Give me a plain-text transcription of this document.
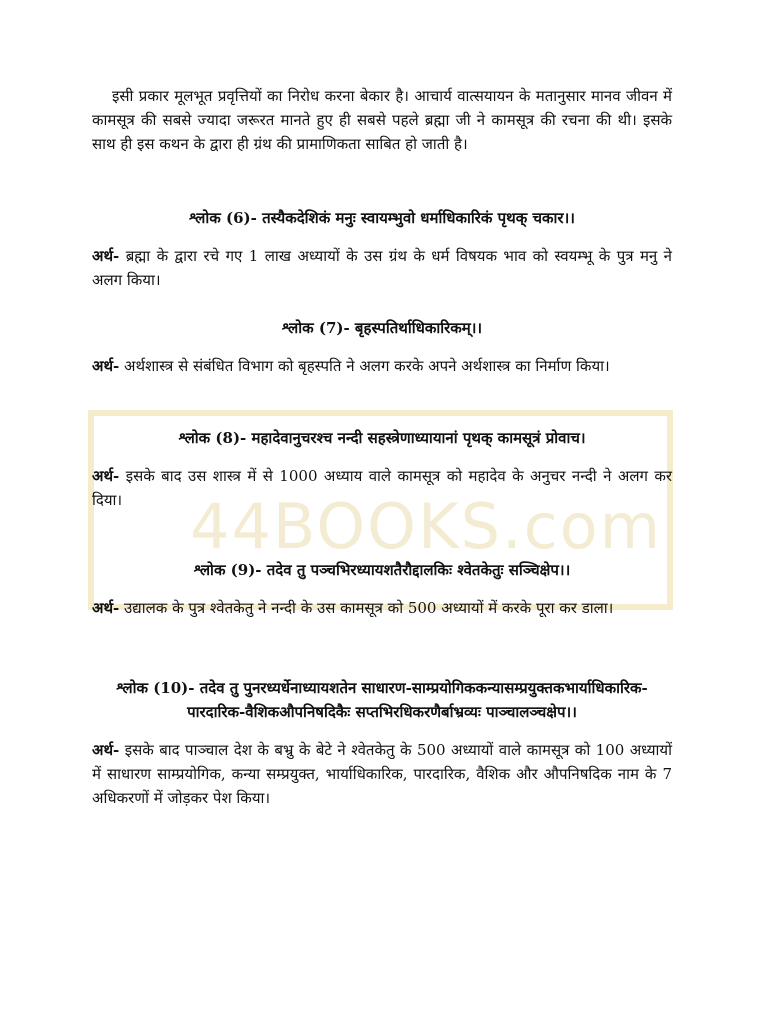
44BOOKS.com

इसी प्रकार मूलभूत प्रवृत्तियों का निरोध करना बेकार है। आचार्य वात्सयायन के मतानुसार मानव जीवन में कामसूत्र की सबसे ज्यादा जरूरत मानते हुए ही सबसे पहले ब्रह्मा जी ने कामसूत्र की रचना की थी। इसके साथ ही इस कथन के द्वारा ही ग्रंथ की प्रामाणिकता साबित हो जाती है।

श्लोक (6)- तस्यैकदेशिकं मनुः स्वायम्भुवो धर्माधिकारिकं पृथक् चकार।।

अर्थ- ब्रह्मा के द्वारा रचे गए 1 लाख अध्यायों के उस ग्रंथ के धर्म विषयक भाव को स्वयम्भू के पुत्र मनु ने अलग किया।

श्लोक (7)- बृहस्पतिर्थाधिकारिकम्।।

अर्थ- अर्थशास्त्र से संबंधित विभाग को बृहस्पति ने अलग करके अपने अर्थशास्त्र का निर्माण किया।

श्लोक (8)- महादेवानुचरश्च नन्दी सहस्त्रेणाध्यायानां पृथक् कामसूत्रं प्रोवाच।

अर्थ- इसके बाद उस शास्त्र में से 1000 अध्याय वाले कामसूत्र को महादेव के अनुचर नन्दी ने अलग कर दिया।

श्लोक (9)- तदेव तु पञ्चभिरध्यायशतैरौद्दालकिः श्वेतकेतुः सञ्चिक्षेप।।

अर्थ- उद्यालक के पुत्र श्वेतकेतु ने नन्दी के उस कामसूत्र को 500 अध्यायों में करके पूरा कर डाला।

श्लोक (10)- तदेव तु पुनरध्यर्धेनाध्यायशतेन साधारण-साम्प्रयोगिककन्यासम्प्रयुक्तकभार्याधिकारिक-पारदारिक-वैशिकऔपनिषदिकैः सप्तभिरधिकरणैर्बाभ्रव्यः पाञ्चालञ्चक्षेप।।

अर्थ- इसके बाद पाञ्चाल देश के बभ्रु के बेटे ने श्वेतकेतु के 500 अध्यायों वाले कामसूत्र को 100 अध्यायों में साधारण साम्प्रयोगिक, कन्या सम्प्रयुक्त, भार्याधिकारिक, पारदारिक, वैशिक और औपनिषदिक नाम के 7 अधिकरणों में जोड़कर पेश किया।
